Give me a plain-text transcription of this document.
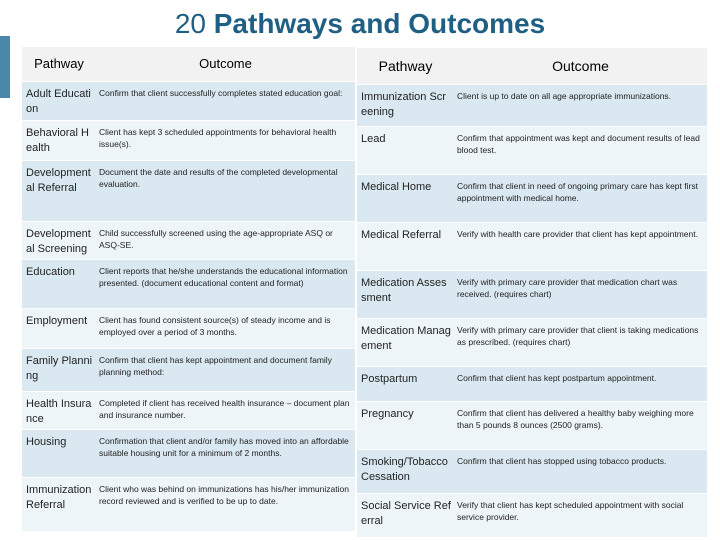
20 Pathways and Outcomes
Pathway	Outcome
Adult Education	Confirm that client successfully completes stated education goal:
Behavioral Health	Client has kept 3 scheduled appointments for behavioral health issue(s).
Developmental Referral	Document the date and results of the completed developmental evaluation.
Developmental Screening	Child successfully screened using the age-appropriate ASQ or ASQ-SE.
Education	Client reports that he/she understands the educational information presented. (document educational content and format)
Employment	Client has found consistent source(s) of steady income and is employed over a period of 3 months.
Family Planning	Confirm that client has kept appointment and document family planning method:
Health Insurance	Completed if client has received health insurance – document plan and insurance number.
Housing	Confirmation that client and/or family has moved into an affordable suitable housing unit for a minimum of 2 months.
Immunization Referral	Client who was behind on immunizations has his/her immunization record reviewed and is verified to be up to date.
Pathway	Outcome
Immunization Screening	Client is up to date on all age appropriate immunizations.
Lead	Confirm that appointment was kept and document results of lead blood test.
Medical Home	Confirm that client in need of ongoing primary care has kept first appointment with medical home.
Medical Referral	Verify with health care provider that client has kept appointment.
Medication Assessment	Verify with primary care provider that medication chart was received. (requires chart)
Medication Management	Verify with primary care provider that client is taking medications as prescribed. (requires chart)
Postpartum	Confirm that client has kept postpartum appointment.
Pregnancy	Confirm that client has delivered a healthy baby weighing more than 5 pounds 8 ounces (2500 grams).
Smoking/Tobacco Cessation	Confirm that client has stopped using tobacco products.
Social Service Referral	Verify that client has kept scheduled appointment with social service provider.
